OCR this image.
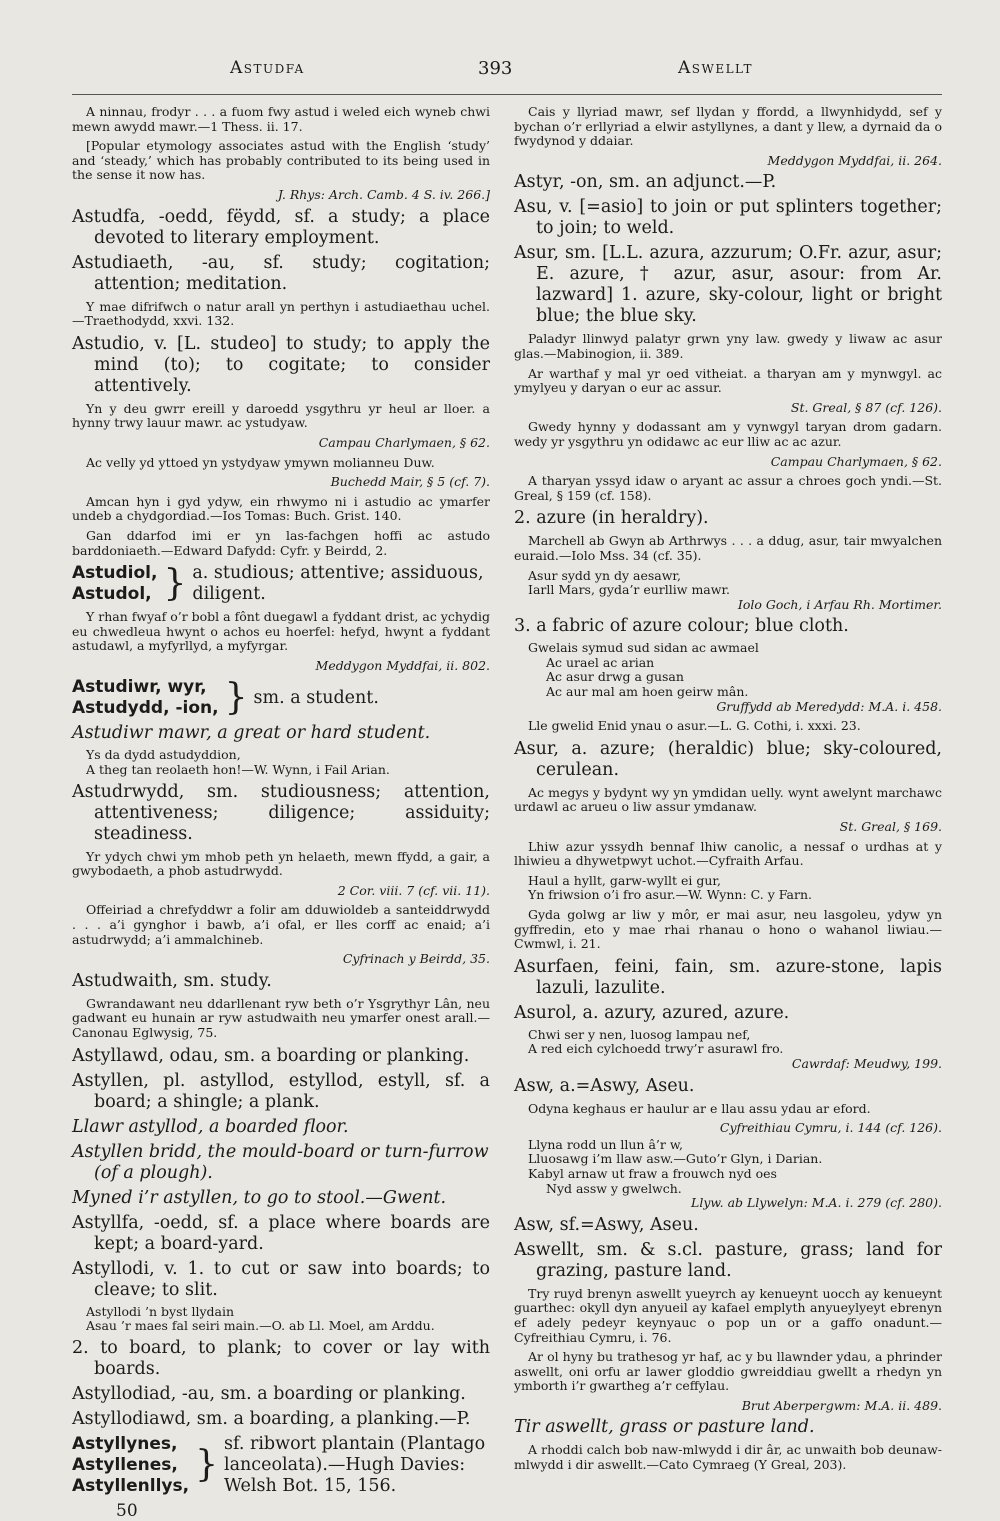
Astudfa	393	Aswellt

A ninnau, frodyr . . . a fuom fwy astud i weled eich wyneb chwi mewn awydd mawr.—1 Thess. ii. 17.

[Popular etymology associates astud with the English ‘study’ and ‘steady,’ which has probably contributed to its being used in the sense it now has.

J. Rhys: Arch. Camb. 4 S. iv. 266.]

Astudfa, -oedd, fëydd, sf. a study; a place devoted to literary employment.

Astudiaeth, -au, sf. study; cogitation; attention; meditation.

Y mae difrifwch o natur arall yn perthyn i astudiaethau uchel.—Traethodydd, xxvi. 132.

Astudio, v. [L. studeo] to study; to apply the mind (to); to cogitate; to consider attentively.

Yn y deu gwrr ereill y daroedd ysgythru yr heul ar lloer. a hynny trwy lauur mawr. ac ystudyaw.

Campau Charlymaen, § 62.

Ac velly yd yttoed yn ystydyaw ymywn molianneu Duw.

Buchedd Mair, § 5 (cf. 7).

Amcan hyn i gyd ydyw, ein rhwymo ni i astudio ac ymarfer undeb a chydgordiad.—Ios Tomas: Buch. Grist. 140.

Gan ddarfod imi er yn las-fachgen hoffi ac astudo barddoniaeth.—Edward Dafydd: Cyfr. y Beirdd, 2.

Astudiol,
Astudol, } a. studious; attentive; assiduous, diligent.

Y rhan fwyaf o’r bobl a fônt duegawl a fyddant drist, ac ychydig eu chwedleua hwynt o achos eu hoerfel: hefyd, hwynt a fyddant astudawl, a myfyrllyd, a myfyrgar.

Meddygon Myddfai, ii. 802.

Astudiwr, wyr,
Astudydd, -ion, } sm. a student.

Astudiwr mawr, a great or hard student.

Ys da dydd astudyddion,

A theg tan reolaeth hon!—W. Wynn, i Fail Arian.

Astudrwydd, sm. studiousness; attention, attentiveness; diligence; assiduity; steadiness.

Yr ydych chwi ym mhob peth yn helaeth, mewn ffydd, a gair, a gwybodaeth, a phob astudrwydd.

2 Cor. viii. 7 (cf. vii. 11).

Offeiriad a chrefyddwr a folir am dduwioldeb a santeiddrwydd . . . a’i gynghor i bawb, a’i ofal, er lles corff ac enaid; a’i astudrwydd; a’i ammalchineb.

Cyfrinach y Beirdd, 35.

Astudwaith, sm. study.

Gwrandawant neu ddarllenant ryw beth o’r Ysgrythyr Lân, neu gadwant eu hunain ar ryw astudwaith neu ymarfer onest arall.—Canonau Eglwysig, 75.

Astyllawd, odau, sm. a boarding or planking.

Astyllen, pl. astyllod, estyllod, estyll, sf. a board; a shingle; a plank.

Llawr astyllod, a boarded floor.

Astyllen bridd, the mould-board or turn-furrow (of a plough).

Myned i’r astyllen, to go to stool.—Gwent.

Astyllfa, -oedd, sf. a place where boards are kept; a board-yard.

Astyllodi, v. 1. to cut or saw into boards; to cleave; to slit.

Astyllodi ’n byst llydain

Asau ’r maes fal seiri main.—O. ab Ll. Moel, am Arddu.

2. to board, to plank; to cover or lay with boards.

Astyllodiad, -au, sm. a boarding or planking.

Astyllodiawd, sm. a boarding, a planking.—P.

Astyllynes,
Astyllenes,
Astyllenllys,
}
sf. ribwort plantain (Plantago lanceolata).—Hugh Davies: Welsh Bot. 15, 156.
50

Cais y llyriad mawr, sef llydan y ffordd, a llwynhidydd, sef y bychan o’r erllyriad a elwir astyllynes, a dant y llew, a dyrnaid da o fwydynod y ddaiar.

Meddygon Myddfai, ii. 264.

Astyr, -on, sm. an adjunct.—P.

Asu, v. [=asio] to join or put splinters together; to join; to weld.

Asur, sm. [L.L. azura, azzurum; O.Fr. azur, asur; E. azure, † azur, asur, asour: from Ar. lazward] 1. azure, sky-colour, light or bright blue; the blue sky.

Paladyr llinwyd palatyr grwn yny law. gwedy y liwaw ac asur glas.—Mabinogion, ii. 389.

Ar warthaf y mal yr oed vitheiat. a tharyan am y mynwgyl. ac ymylyeu y daryan o eur ac assur.

St. Greal, § 87 (cf. 126).

Gwedy hynny y dodassant am y vynwgyl taryan drom gadarn. wedy yr ysgythru yn odidawc ac eur lliw ac ac azur.

Campau Charlymaen, § 62.

A tharyan yssyd idaw o aryant ac assur a chroes goch yndi.—St. Greal, § 159 (cf. 158).

2. azure (in heraldry).

Marchell ab Gwyn ab Arthrwys . . . a ddug, asur, tair mwyalchen euraid.—Iolo Mss. 34 (cf. 35).

Asur sydd yn dy aesawr,

Iarll Mars, gyda’r eurlliw mawr.

Iolo Goch, i Arfau Rh. Mortimer.

3. a fabric of azure colour; blue cloth.

Gwelais symud sud sidan ac awmael

Ac urael ac arian

Ac asur drwg a gusan

Ac aur mal am hoen geirw mân.

Gruffydd ab Meredydd: M.A. i. 458.

Lle gwelid Enid ynau o asur.—L. G. Cothi, i. xxxi. 23.

Asur, a. azure; (heraldic) blue; sky-coloured, cerulean.

Ac megys y bydynt wy yn ymdidan uelly. wynt awelynt marchawc urdawl ac arueu o liw assur ymdanaw.

St. Greal, § 169.

Lhiw azur yssydh bennaf lhiw canolic, a nessaf o urdhas at y lhiwieu a dhywetpwyt uchot.—Cyfraith Arfau.

Haul a hyllt, garw-wyllt ei gur,

Yn friwsion o’i fro asur.—W. Wynn: C. y Farn.

Gyda golwg ar liw y môr, er mai asur, neu lasgoleu, ydyw yn gyffredin, eto y mae rhai rhanau o hono o wahanol liwiau.—Cwmwl, i. 21.

Asurfaen, feini, fain, sm. azure-stone, lapis lazuli, lazulite.

Asurol, a. azury, azured, azure.

Chwi ser y nen, luosog lampau nef,

A red eich cylchoedd trwy’r asurawl fro.

Cawrdaf: Meudwy, 199.

Asw, a.=Aswy, Aseu.

Odyna keghaus er haulur ar e llau assu ydau ar eford.

Cyfreithiau Cymru, i. 144 (cf. 126).

Llyna rodd un llun â’r w,

Lluosawg i’m llaw asw.—Guto’r Glyn, i Darian.

Kabyl arnaw ut fraw a frouwch nyd oes

Nyd assw y gwelwch.

Llyw. ab Llywelyn: M.A. i. 279 (cf. 280).

Asw, sf.=Aswy, Aseu.

Aswellt, sm. & s.cl. pasture, grass; land for grazing, pasture land.

Try ruyd brenyn aswellt yueyrch ay kenueynt uocch ay kenueynt guarthec: okyll dyn anyueil ay kafael emplyth anyueylyeyt ebrenyn ef adely pedeyr keynyauc o pop un or a gaffo onadunt.—Cyfreithiau Cymru, i. 76.

Ar ol hyny bu trathesog yr haf, ac y bu llawnder ydau, a phrinder aswellt, oni orfu ar lawer gloddio gwreiddiau gwellt a rhedyn yn ymborth i’r gwartheg a’r ceffylau.

Brut Aberpergwm: M.A. ii. 489.

Tir aswellt, grass or pasture land.

A rhoddi calch bob naw-mlwydd i dir âr, ac unwaith bob deunaw-mlwydd i dir aswellt.—Cato Cymraeg (Y Greal, 203).
